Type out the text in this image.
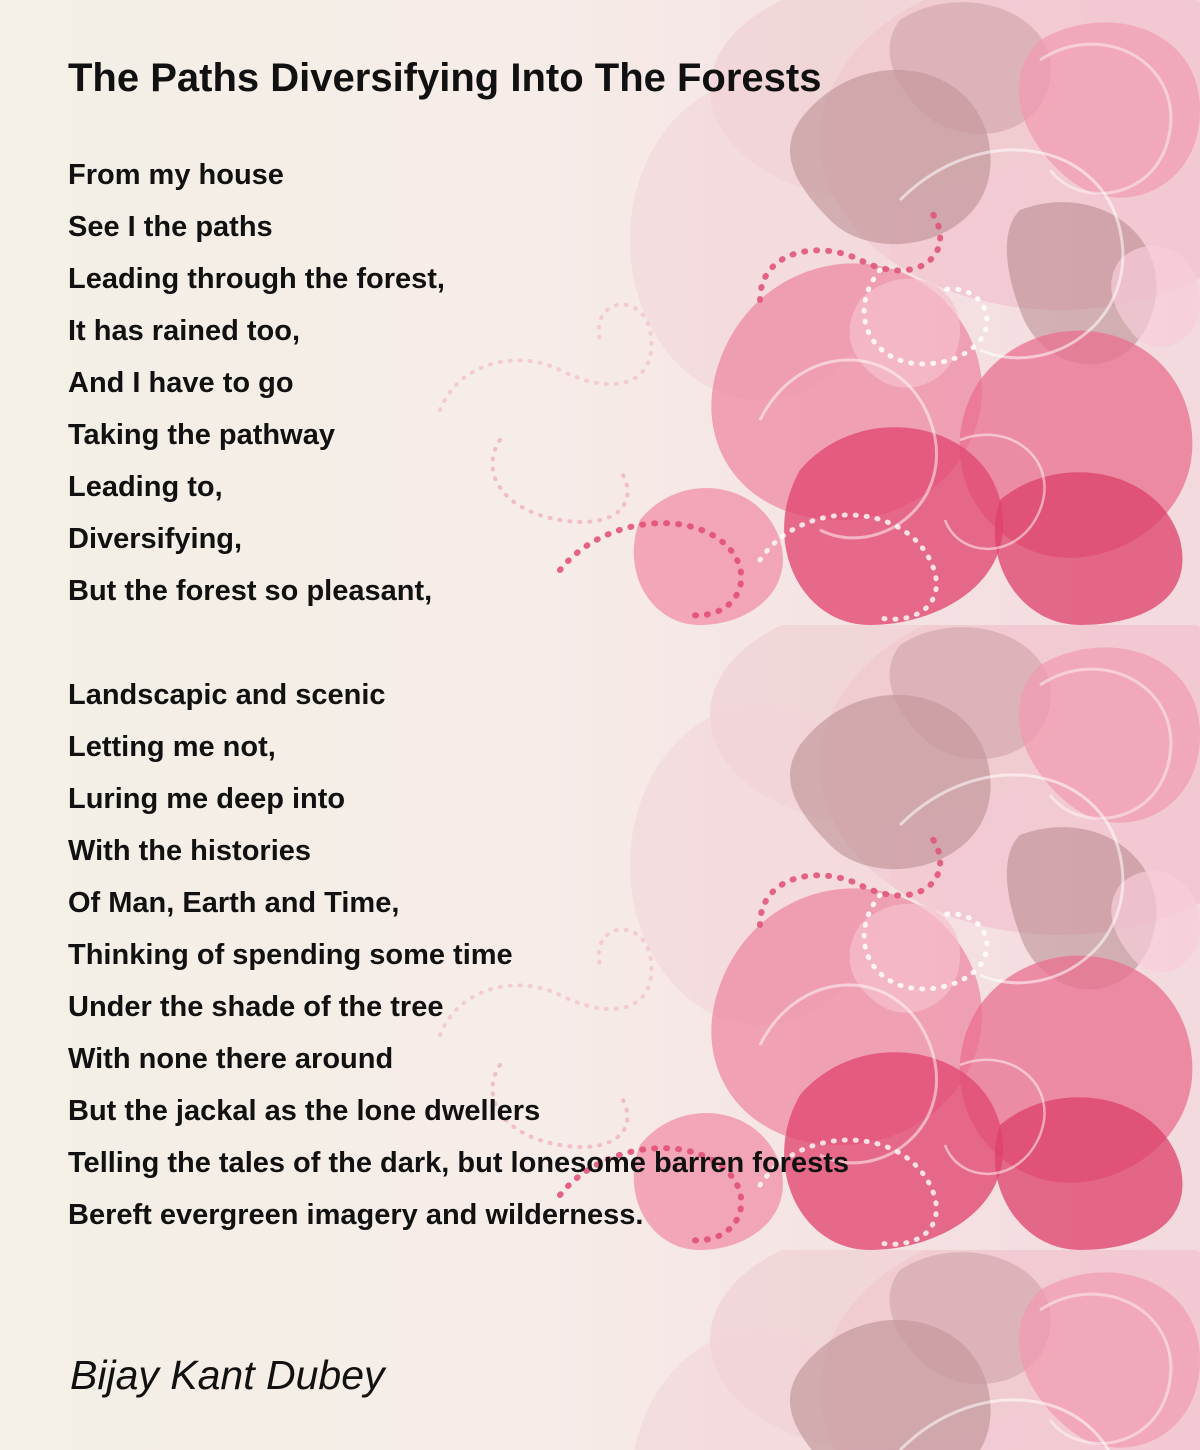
The Paths Diversifying Into The Forests
From my house
See I the paths
Leading through the forest,
It has rained too,
And I have to go
Taking the pathway
Leading to,
Diversifying,
But the forest so pleasant,
Landscapic and scenic
Letting me not,
Luring me deep into
With the histories
Of Man, Earth and Time,
Thinking of spending some time
Under the shade of the tree
With none there around
But the jackal as the lone dwellers
Telling the tales of the dark, but lonesome barren forests
Bereft evergreen imagery and wilderness.

Bijay Kant Dubey
